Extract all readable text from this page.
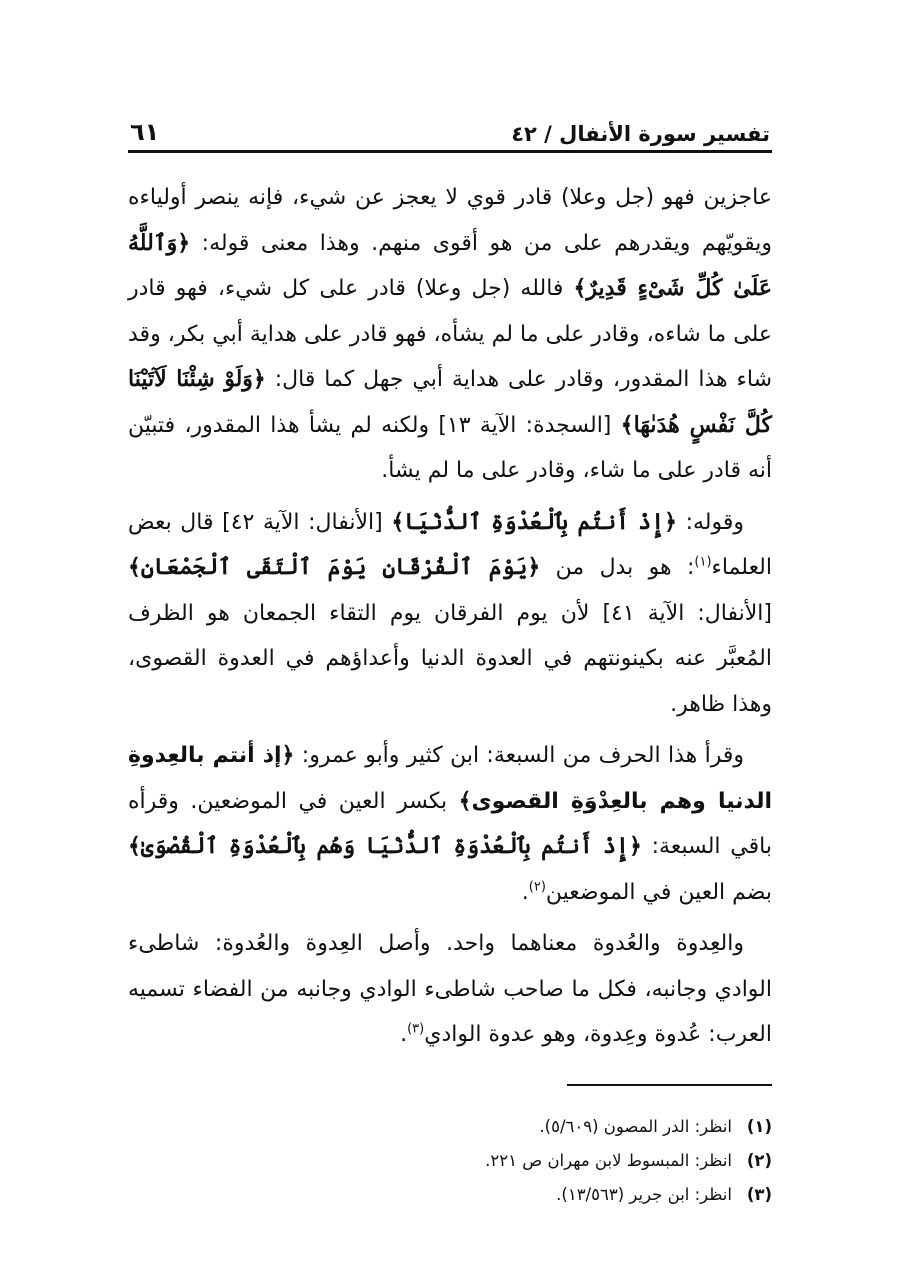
تفسير سورة الأنفال / ٤٢
٦١

عاجزين فهو (جل وعلا) قادر قوي لا يعجز عن شيء، فإنه ينصر أولياءه ويقويّهم ويقدرهم على من هو أقوى منهم. وهذا معنى قوله: ﴿وَٱللَّهُ عَلَىٰ كُلِّ شَىْءٍ قَدِيرٌ﴾ فالله (جل وعلا) قادر على كل شيء، فهو قادر على ما شاءه، وقادر على ما لم يشأه، فهو قادر على هداية أبي بكر، وقد شاء هذا المقدور، وقادر على هداية أبي جهل كما قال: ﴿وَلَوْ شِئْنَا لَآتَيْنَا كُلَّ نَفْسٍ هُدَىٰهَا﴾ [السجدة: الآية ١٣] ولكنه لم يشأ هذا المقدور، فتبيّن أنه قادر على ما شاء، وقادر على ما لم يشأ.

وقوله: ﴿إِذْ أَنتُم بِٱلْعُدْوَةِ ٱلدُّنْيَا﴾ [الأنفال: الآية ٤٢] قال بعض العلماء$^{(١)}$: هو بدل من ﴿يَوْمَ ٱلْفُرْقَانِ يَوْمَ ٱلْتَقَى ٱلْجَمْعَانِ﴾ [الأنفال: الآية ٤١] لأن يوم الفرقان يوم التقاء الجمعان هو الظرف المُعبَّر عنه بكينونتهم في العدوة الدنيا وأعداؤهم في العدوة القصوى، وهذا ظاهر.

وقرأ هذا الحرف من السبعة: ابن كثير وأبو عمرو: ﴿إذ أنتم بالعِدوةِ الدنيا وهم بالعِدْوَةِ القصوى﴾ بكسر العين في الموضعين. وقرأه باقي السبعة: ﴿إِذْ أَنتُم بِٱلْعُدْوَةِ ٱلدُّنْيَا وَهُم بِٱلْعُدْوَةِ ٱلْقُصْوَىٰ﴾ بضم العين في الموضعين$^{(٢)}$.

والعِدوة والعُدوة معناهما واحد. وأصل العِدوة والعُدوة: شاطىء الوادي وجانبه، فكل ما صاحب شاطىء الوادي وجانبه من الفضاء تسميه العرب: عُدوة وعِدوة، وهو عدوة الوادي$^{(٣)}$.

(١)
انظر: الدر المصون (٥/٦٠٩).
(٢)
انظر: المبسوط لابن مهران ص ٢٢١.
(٣)
انظر: ابن جرير (١٣/٥٦٣).
